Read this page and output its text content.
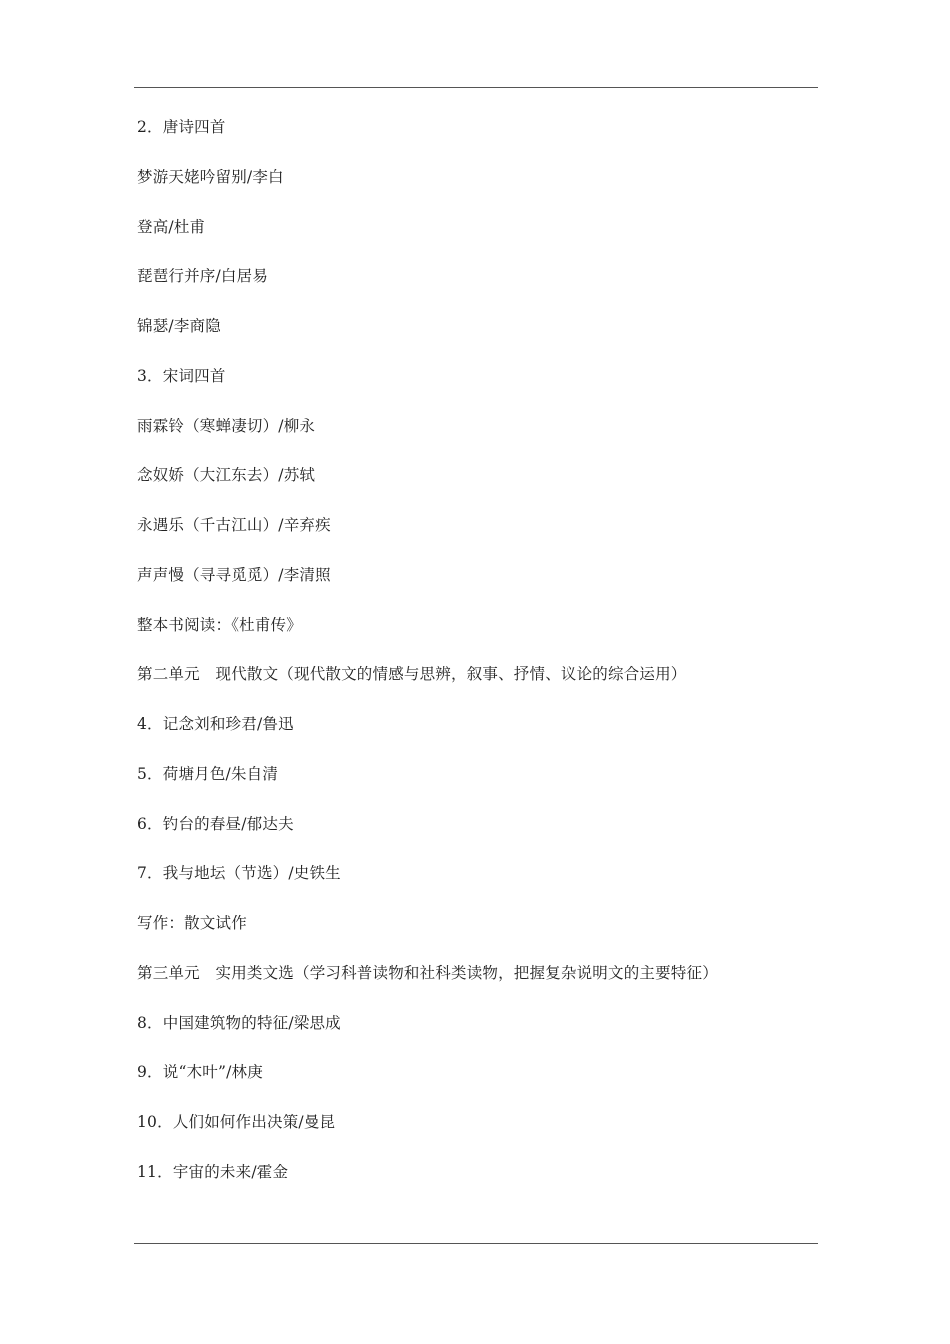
2．唐诗四首
梦游天姥吟留别/李白
登高/杜甫
琵琶行并序/白居易
锦瑟/李商隐
3．宋词四首
雨霖铃（寒蝉凄切）/柳永
念奴娇（大江东去）/苏轼
永遇乐（千古江山）/辛弃疾
声声慢（寻寻觅觅）/李清照
整本书阅读：《杜甫传》
第二单元　现代散文（现代散文的情感与思辨，叙事、抒情、议论的综合运用）
4．记念刘和珍君/鲁迅
5．荷塘月色/朱自清
6．钓台的春昼/郁达夫
7．我与地坛（节选）/史铁生
写作：散文试作
第三单元　实用类文选（学习科普读物和社科类读物，把握复杂说明文的主要特征）
8．中国建筑物的特征/梁思成
9．说“木叶”/林庚
10．人们如何作出决策/曼昆
11．宇宙的未来/霍金
